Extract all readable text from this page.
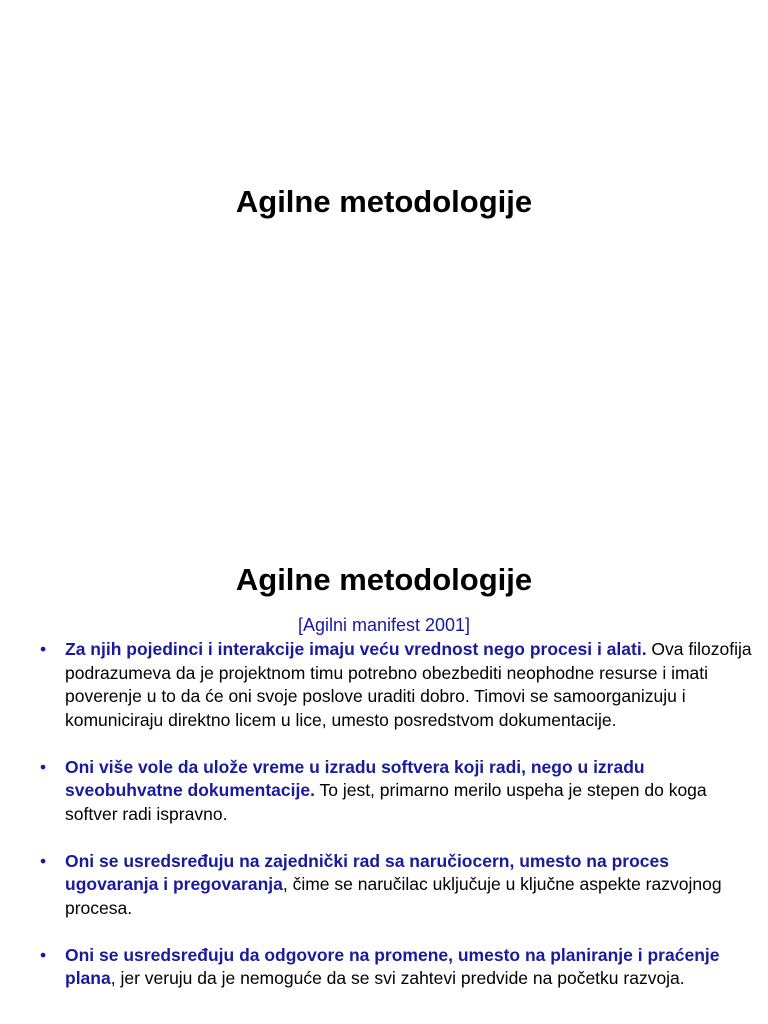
Agilne metodologije
Agilne metodologije
[Agilni manifest 2001]
• Za njih pojedinci i interakcije imaju veću vrednost nego procesi i alati. Ova filozofija podrazumeva da je projektnom timu potrebno obezbediti neophodne resurse i imati poverenje u to da će oni svoje poslove uraditi dobro. Timovi se samoorganizuju i komuniciraju direktno licem u lice, umesto posredstvom dokumentacije.
• Oni više vole da ulože vreme u izradu softvera koji radi, nego u izradu sveobuhvatne dokumentacije. To jest, primarno merilo uspeha je stepen do koga softver radi ispravno.
• Oni se usredsređuju na zajednički rad sa naručiocern, umesto na proces ugovaranja i pregovaranja, čime se naručilac uključuje u ključne aspekte razvojnog procesa.
• Oni se usredsređuju da odgovore na promene, umesto na planiranje i praćenje plana, jer veruju da je nemoguće da se svi zahtevi predvide na početku razvoja.
